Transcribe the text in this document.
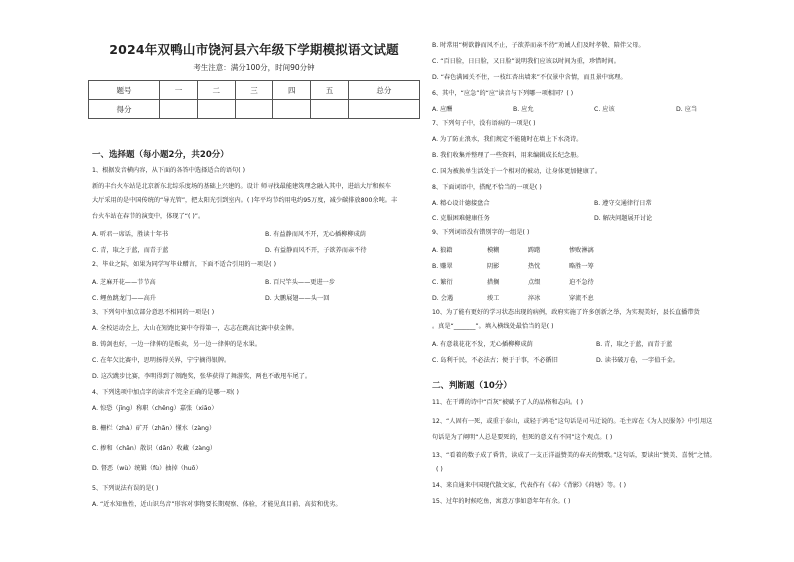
2024年双鸭山市饶河县六年级下学期模拟语文试题
考生注意：满分100分，时间90分钟
题号	一	二	三	四	五	总分
得分						
一、选择题（每小题2分，共20分）
1、根据发音横内容，从下面的各答中选择适合的语句( )
新的丰台火车站是北京新东北综乐度场的基础上兴建的。设计 师寻找最能建筑理念融入其中，进站大厅和候车
大厅采用的是中国传统的“导光管”，把太阳光引到室内。( )年平均节约用电约95万度，减少碳排放800余吨。丰
台火车站在春节的演变中，体现了“( )”。
A. 听君一席话，胜读十年书	B. 有益静而风不开，无心插柳柳成荫
C. 青，取之于蓝，而青于蓝	D. 有益静而风不开，子欲养而亲不待
2、毕业之际，如果为同学写毕业赠言，下面不适合引用的一项是( )
A. 芝麻开花——节节高	B. 百尺竿头——更进一步
C. 鲤鱼跳龙门——高升	D. 大鹏展翅——头一回
3、下列句中加点部分意思不相同的一项是( )
A. 全校运动会上，大山在短跑比赛中夺得第一，志志在跳高比赛中获金牌。
B. 铸剑也好，一边一律伸的是贩卖，另一边一律伸的是水果。
C. 在年欠比赛中，思明扬得关界，宁宁摘得银牌。
D. 这次跳步比赛，李明得到了领跑奖，张华获得了舞游奖，两也不敢甩车尾了。
4、下列选项中加点字的读音不完全正确的是哪一项( )
A. 惊恐（jīng）称职（chēng）嘉张（xiāo）
B. 栅栏（zhà）矿开（zhān）懂水（zàng）
C. 掺和（chān）散识（dān）收藏（zàng）
D. 督恶（wù）统辑（fù）抽掉（huō）
5、下列说法有误的是( )
A. “近水知鱼性，近山识鸟音”形容对事物要长期观察、体验，才能见真目前、高贫和优劣。
B. 时常用“树欲静而风不止，子欲养而亲不待”劝诫人们及时孝敬、陪伴父母。
C. “百日脸，日日脸，又日脸”说明我们应该以时间为重，珍惜时间。
D. “春色满园关不住，一枝红杏出墙来”不仅景中含情，而且景中寓理。
6、其中，“应急”的“应”读音与下列哪一项相同？( )
A. 应酬	B. 应允	C. 应该	D. 应当
7、下列句子中，没有语病的一项是( )
A. 为了防止浪水，我们规定不能随时在墙上下水浇诗。
B. 我们收集并整理了一些资料，用来编辑成长纪念册。
C. 国为被换单生活处于一个相对的被动，让身体更加健康了。
8、下面词语中，搭配不恰当的一项是( )
A. 精心设计德接盘合	B. 遵守交通律行日常
C. 克服困难健康任务	D. 解决问题展开讨论
9、下列词语没有错别字的一组是( )
A. 狼籍	模糊	踌躇	惨败淋漓
B. 赚翠	阴影	热忱	略胜一筹
C. 繁衍	措搁	点缀	迫不急待
D. 会遇	竣工	淬冰	穿流不息
10、为了能有更好的学习状态出现的病例，政府实施了许多创新之举，为实现美好，县长直播带货
。真是“_______”。填入横线处最恰当的是( )
A. 有意栽花花不发，无心插柳柳成荫	B. 青，取之于蓝，而青于蓝
C. 岛利千民，不必法古；便于于事，不必循旧	D. 读书破万卷，一字值千金。
二、判断题（10分）
11、在干谭的诗中“百灰”被赋予了人的品格和志向。( )
12、“人固有一死，或重于泰山，或轻于鸿毛”这句话是司马迁说的。毛主席在《为人民服务》中引用这
句话是为了阐明“人总是要死的，但死的意义有不同”这个观点。( )
13、“看着的数子成了昏昔，读成了一支正洋溢赞美的春天的赞歌。”这句话，要读出“赞美、喜悦”之情。
( )
14、来自通来中国现代散文家，代表作有《春》《背影》《荷塘》等。( )
15、过年的时候吃鱼，寓意万事如意年年有余。( )
